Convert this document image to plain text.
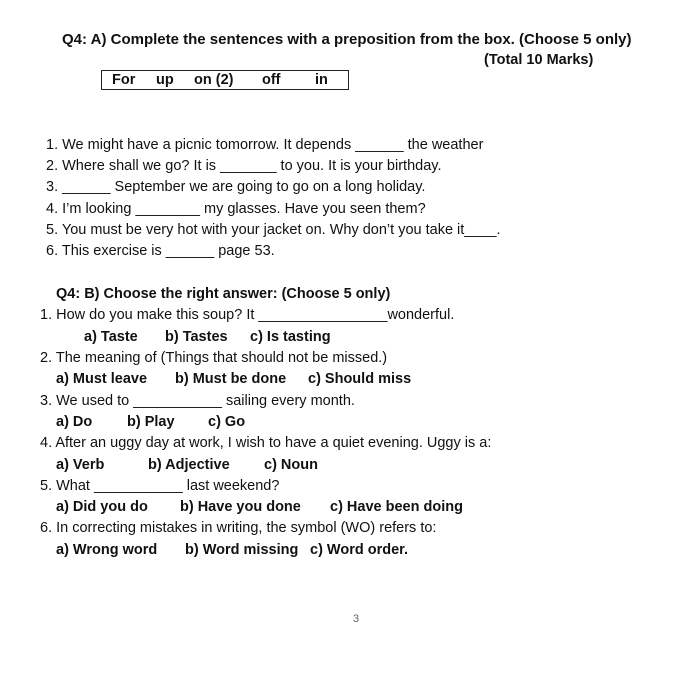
Q4: A) Complete the sentences with a preposition from the box. (Choose 5 only)
(Total 10 Marks)
For up on (2) off in
1. We might have a picnic tomorrow. It depends ______ the weather
2. Where shall we go? It is _______ to you. It is your birthday.
3. ______ September we are going to go on a long holiday.
4. I’m looking ________ my glasses. Have you seen them?
5. You must be very hot with your jacket on. Why don’t you take it____.
6. This exercise is ______ page 53.
Q4: B) Choose the right answer: (Choose 5 only)
1. How do you make this soup? It ________________wonderful.
a) Taste b) Tastes c) Is tasting
2. The meaning of (Things that should not be missed.)
a) Must leave b) Must be done c) Should miss
3. We used to ___________ sailing every month.
a) Do b) Play c) Go
4. After an uggy day at work, I wish to have a quiet evening. Uggy is a:
a) Verb	b) Adjective c) Noun
5. What ___________ last weekend?
a) Did you do b) Have you done c) Have been doing
6. In correcting mistakes in writing, the symbol (WO) refers to:
a) Wrong word b) Word missing c) Word order.
3
